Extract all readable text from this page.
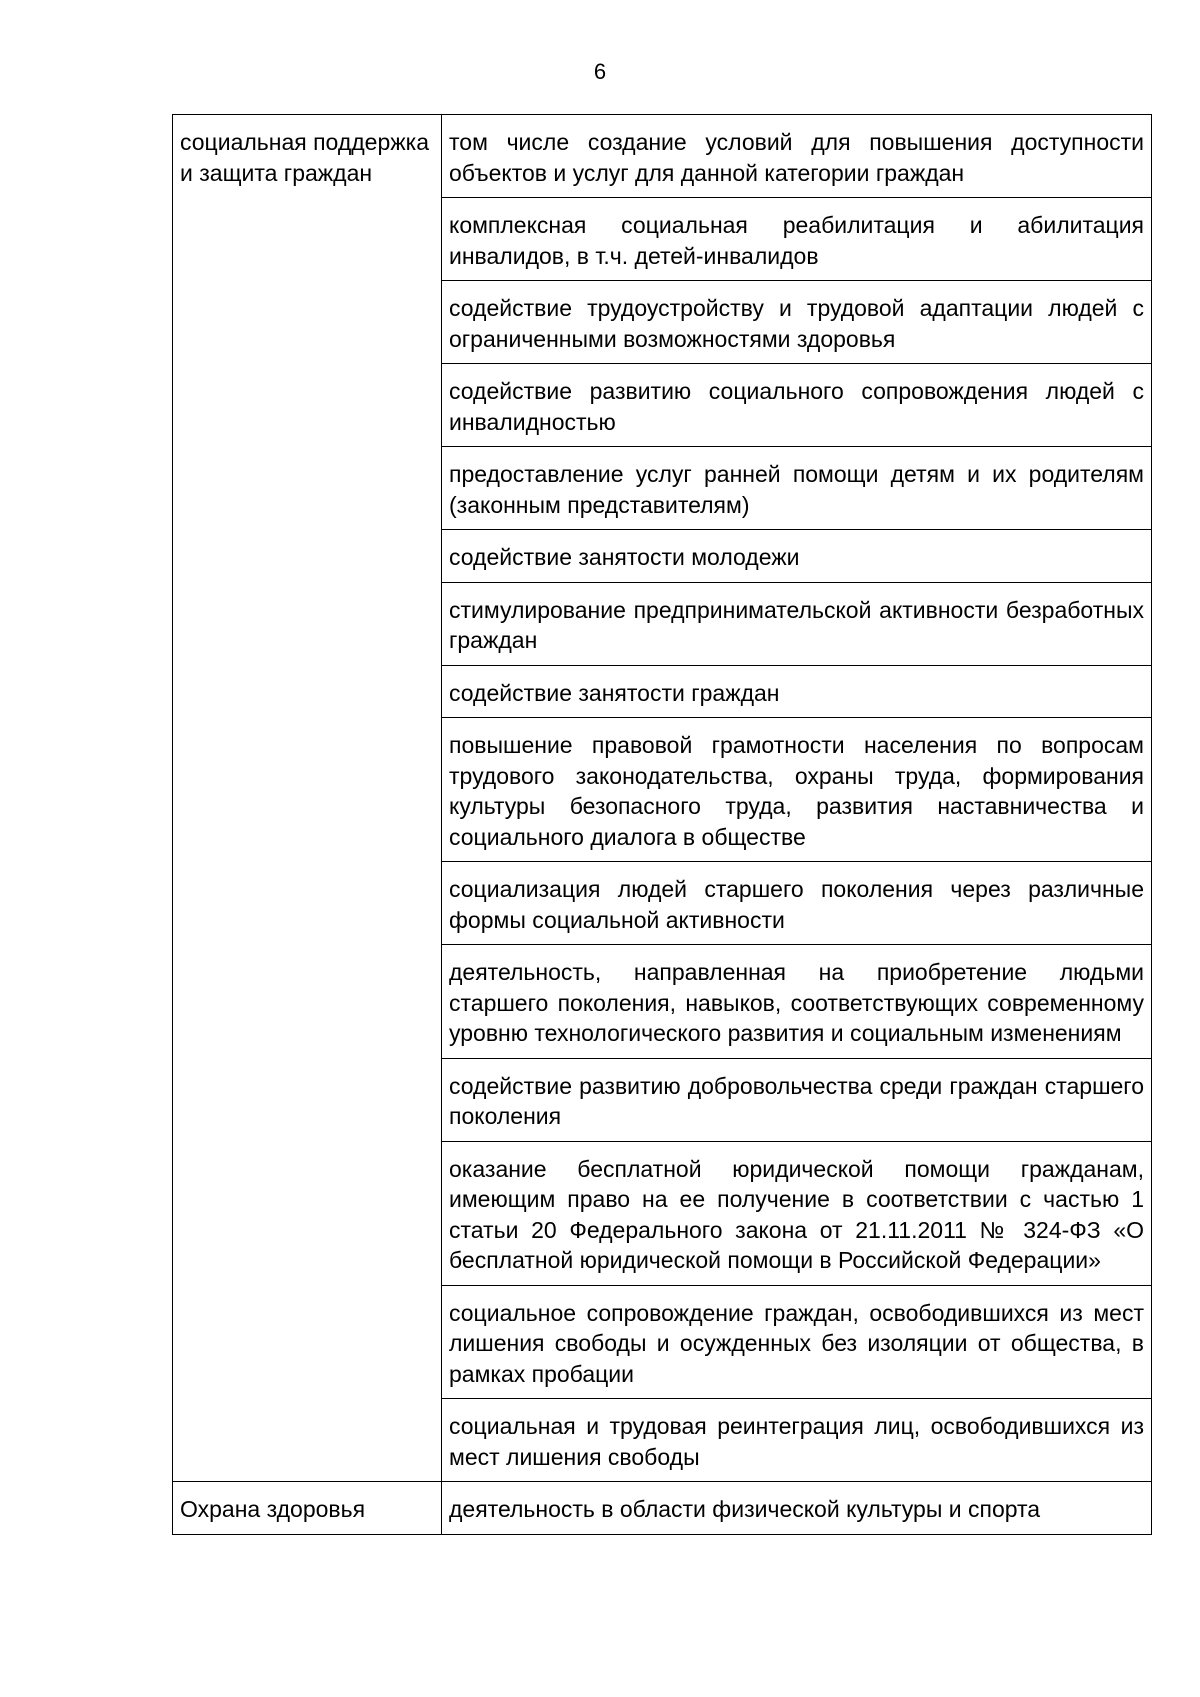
6
социальная поддержка и защита граждан	том числе создание условий для повышения доступности объектов и услуг для данной категории граждан
	комплексная социальная реабилитация и абилитация инвалидов, в т.ч. детей-инвалидов
	содействие трудоустройству и трудовой адаптации людей с ограниченными возможностями здоровья
	содействие развитию социального сопровождения людей с инвалидностью
	предоставление услуг ранней помощи детям и их родителям (законным представителям)
	содействие занятости молодежи
	стимулирование предпринимательской активности безработных граждан
	содействие занятости граждан
	повышение правовой грамотности населения по вопросам трудового законодательства, охраны труда, формирования культуры безопасного труда, развития наставничества и социального диалога в обществе
	социализация людей старшего поколения через различные формы социальной активности
	деятельность, направленная на приобретение людьми старшего поколения, навыков, соответствующих современному уровню технологического развития и социальным изменениям
	содействие развитию добровольчества среди граждан старшего поколения
	оказание бесплатной юридической помощи гражданам, имеющим право на ее получение в соответствии с частью 1 статьи 20 Федерального закона от 21.11.2011 № 324-ФЗ «О бесплатной юридической помощи в Российской Федерации»
	социальное сопровождение граждан, освободившихся из мест лишения свободы и осужденных без изоляции от общества, в рамках пробации
	социальная и трудовая реинтеграция лиц, освободившихся из мест лишения свободы
Охрана здоровья	деятельность в области физической культуры и спорта
